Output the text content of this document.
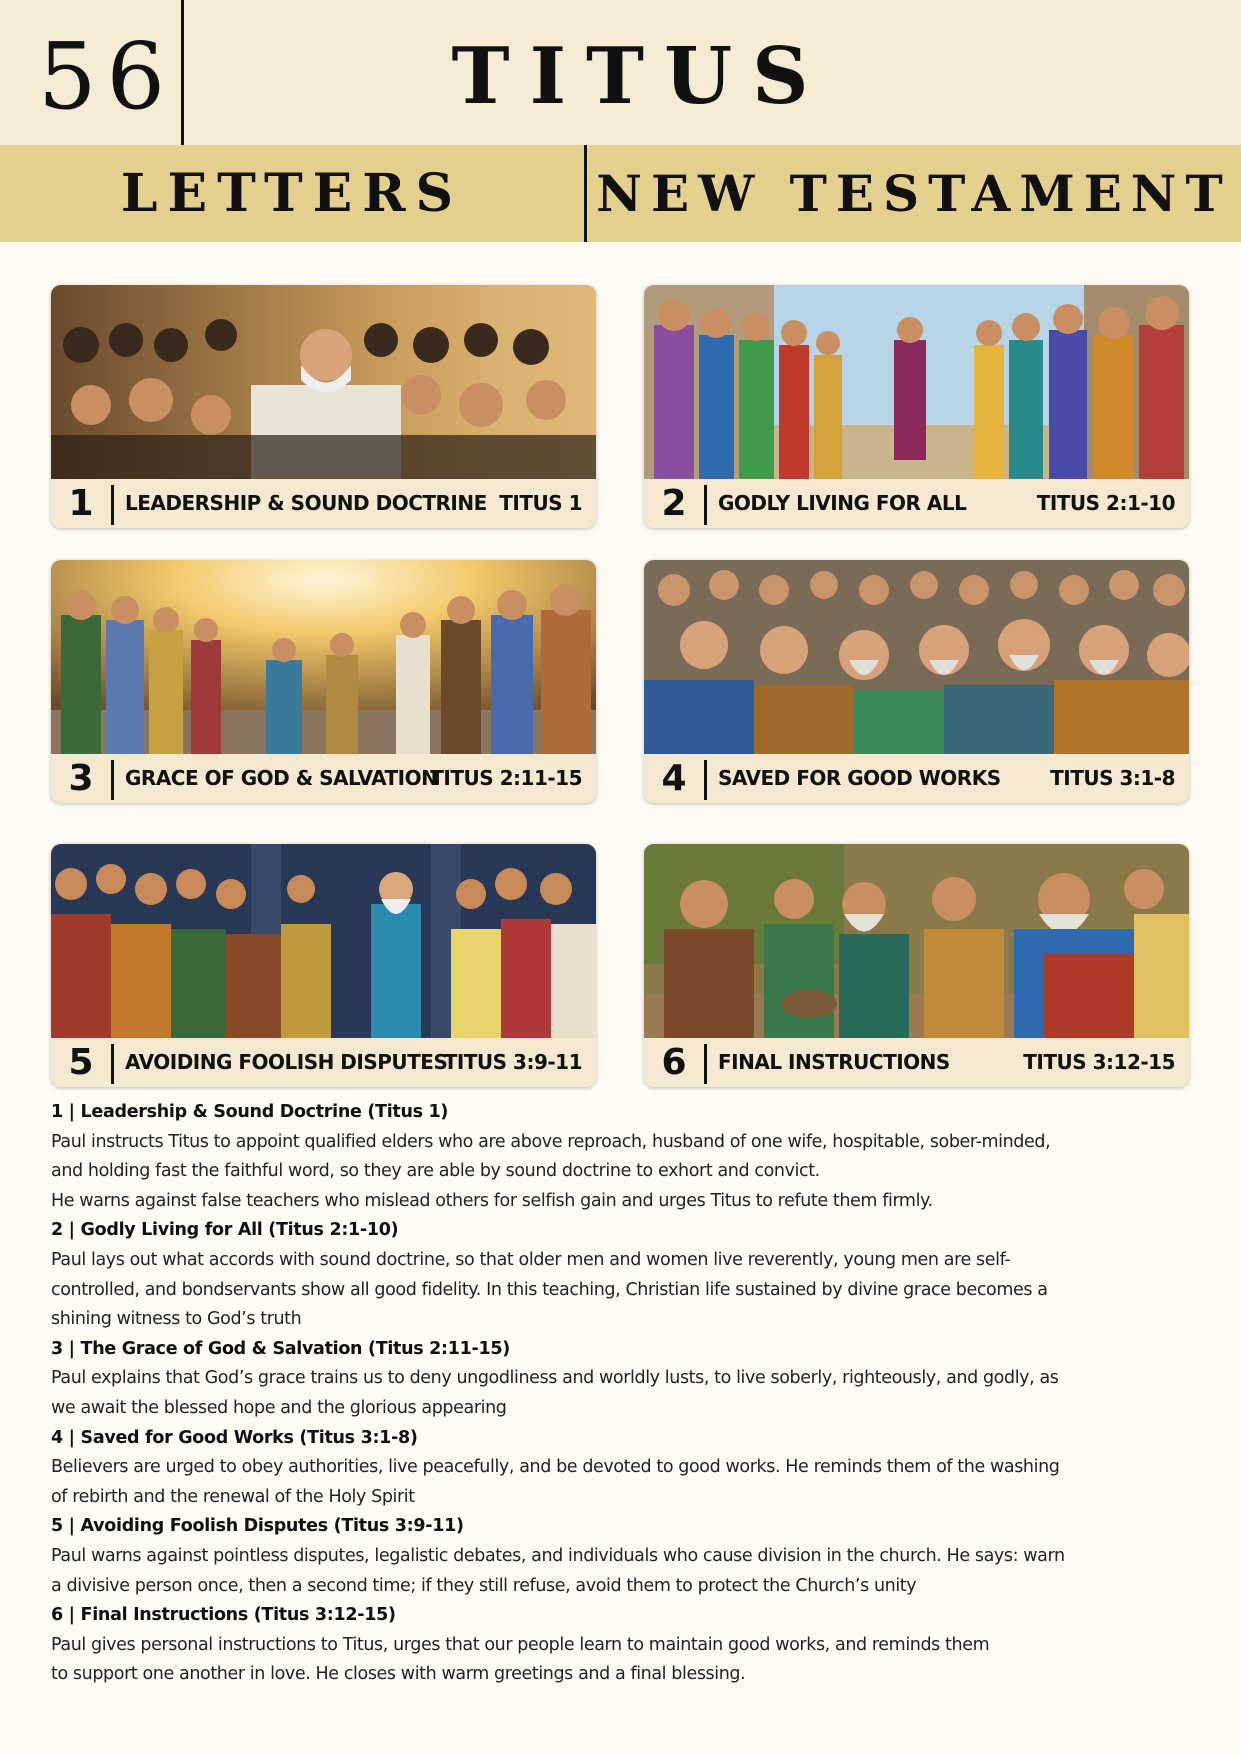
56	TITUS
LETTERS	NEW TESTAMENT
1	LEADERSHIP & SOUND DOCTRINE TITUS 1	2	GODLY LIVING FOR ALL	TITUS 2:1-10
3	GRACE OF GOD & SALVATION
TITUS 2:11-15	4	SAVED FOR GOOD WORKS TITUS 3:1-8
5	AVOIDING FOOLISH DISPUTES
TITUS 3:9-11	6	FINAL INSTRUCTIONS	TITUS 3:12-15
1 | Leadership & Sound Doctrine (Titus 1)
Paul instructs Titus to appoint qualified elders who are above reproach, husband of one wife, hospitable, sober-minded,
and holding fast the faithful word, so they are able by sound doctrine to exhort and convict.
He warns against false teachers who mislead others for selfish gain and urges Titus to refute them firmly.
2 | Godly Living for All (Titus 2:1-10)
Paul lays out what accords with sound doctrine, so that older men and women live reverently, young men are self-
controlled, and bondservants show all good fidelity. In this teaching, Christian life sustained by divine grace becomes a
shining witness to God’s truth
3 | The Grace of God & Salvation (Titus 2:11-15)
Paul explains that God’s grace trains us to deny ungodliness and worldly lusts, to live soberly, righteously, and godly, as
we await the blessed hope and the glorious appearing
4 | Saved for Good Works (Titus 3:1-8)
Believers are urged to obey authorities, live peacefully, and be devoted to good works. He reminds them of the washing
of rebirth and the renewal of the Holy Spirit
5 | Avoiding Foolish Disputes (Titus 3:9-11)
Paul warns against pointless disputes, legalistic debates, and individuals who cause division in the church. He says: warn
a divisive person once, then a second time; if they still refuse, avoid them to protect the Church’s unity
6 | Final Instructions (Titus 3:12-15)
Paul gives personal instructions to Titus, urges that our people learn to maintain good works, and reminds them
to support one another in love. He closes with warm greetings and a final blessing.
